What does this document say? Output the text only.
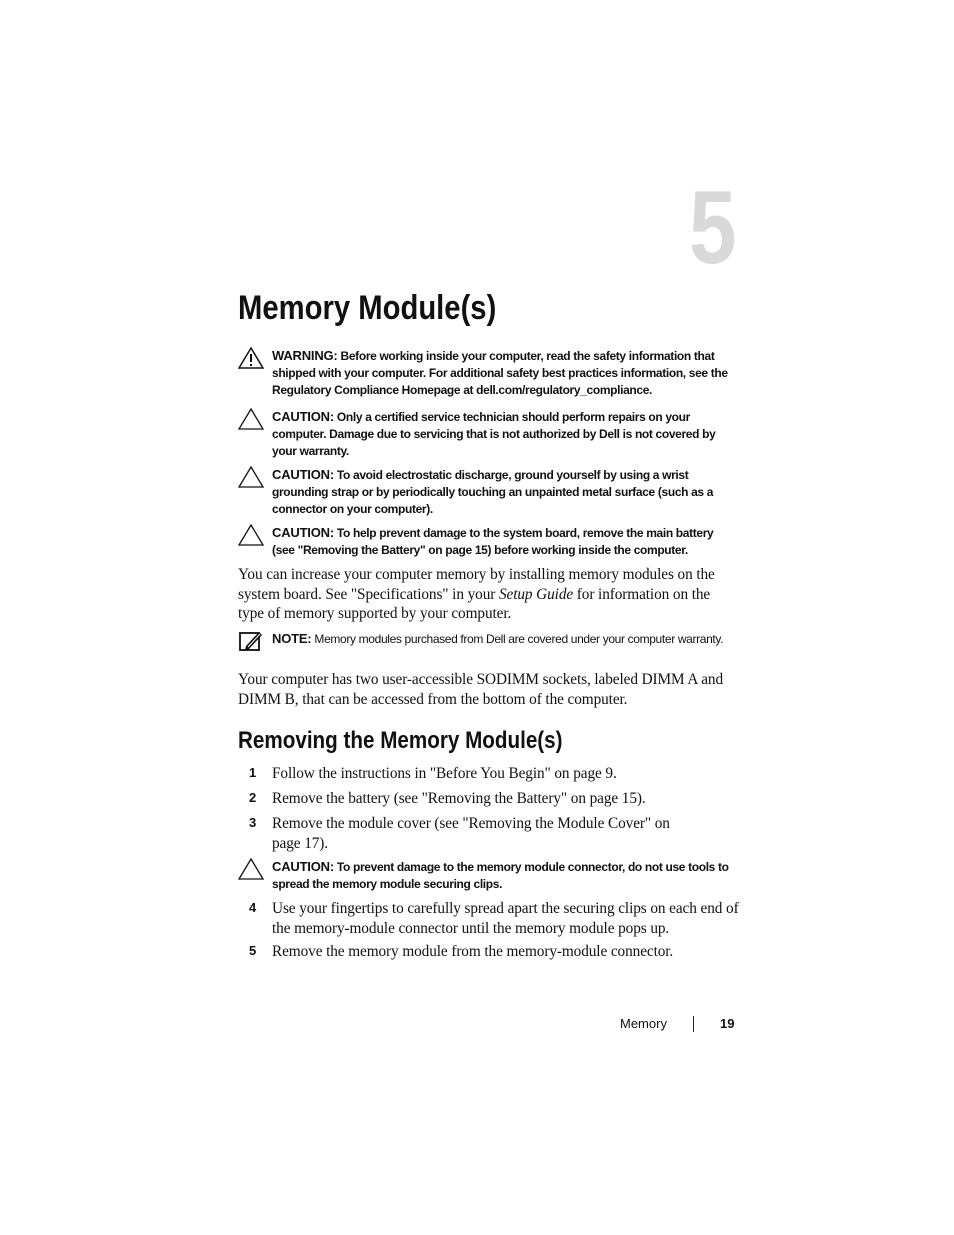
5
Memory Module(s)
WARNING: Before working inside your computer, read the safety information that shipped with your computer. For additional safety best practices information, see the Regulatory Compliance Homepage at dell.com/regulatory_compliance.
CAUTION: Only a certified service technician should perform repairs on your computer. Damage due to servicing that is not authorized by Dell is not covered by your warranty.
CAUTION: To avoid electrostatic discharge, ground yourself by using a wrist grounding strap or by periodically touching an unpainted metal surface (such as a connector on your computer).
CAUTION: To help prevent damage to the system board, remove the main battery (see "Removing the Battery" on page 15) before working inside the computer.

You can increase your computer memory by installing memory modules on the system board. See "Specifications" in your Setup Guide for information on the type of memory supported by your computer.

NOTE: Memory modules purchased from Dell are covered under your computer warranty.

Your computer has two user-accessible SODIMM sockets, labeled DIMM A and DIMM B, that can be accessed from the bottom of the computer.

Removing the Memory Module(s)
1 Follow the instructions in "Before You Begin" on page 9.
2 Remove the battery (see "Removing the Battery" on page 15).
3 Remove the module cover (see "Removing the Module Cover" on page 17).
CAUTION: To prevent damage to the memory module connector, do not use tools to spread the memory module securing clips.
4 Use your fingertips to carefully spread apart the securing clips on each end of the memory-module connector until the memory module pops up.
5 Remove the memory module from the memory-module connector.
Memory	19
